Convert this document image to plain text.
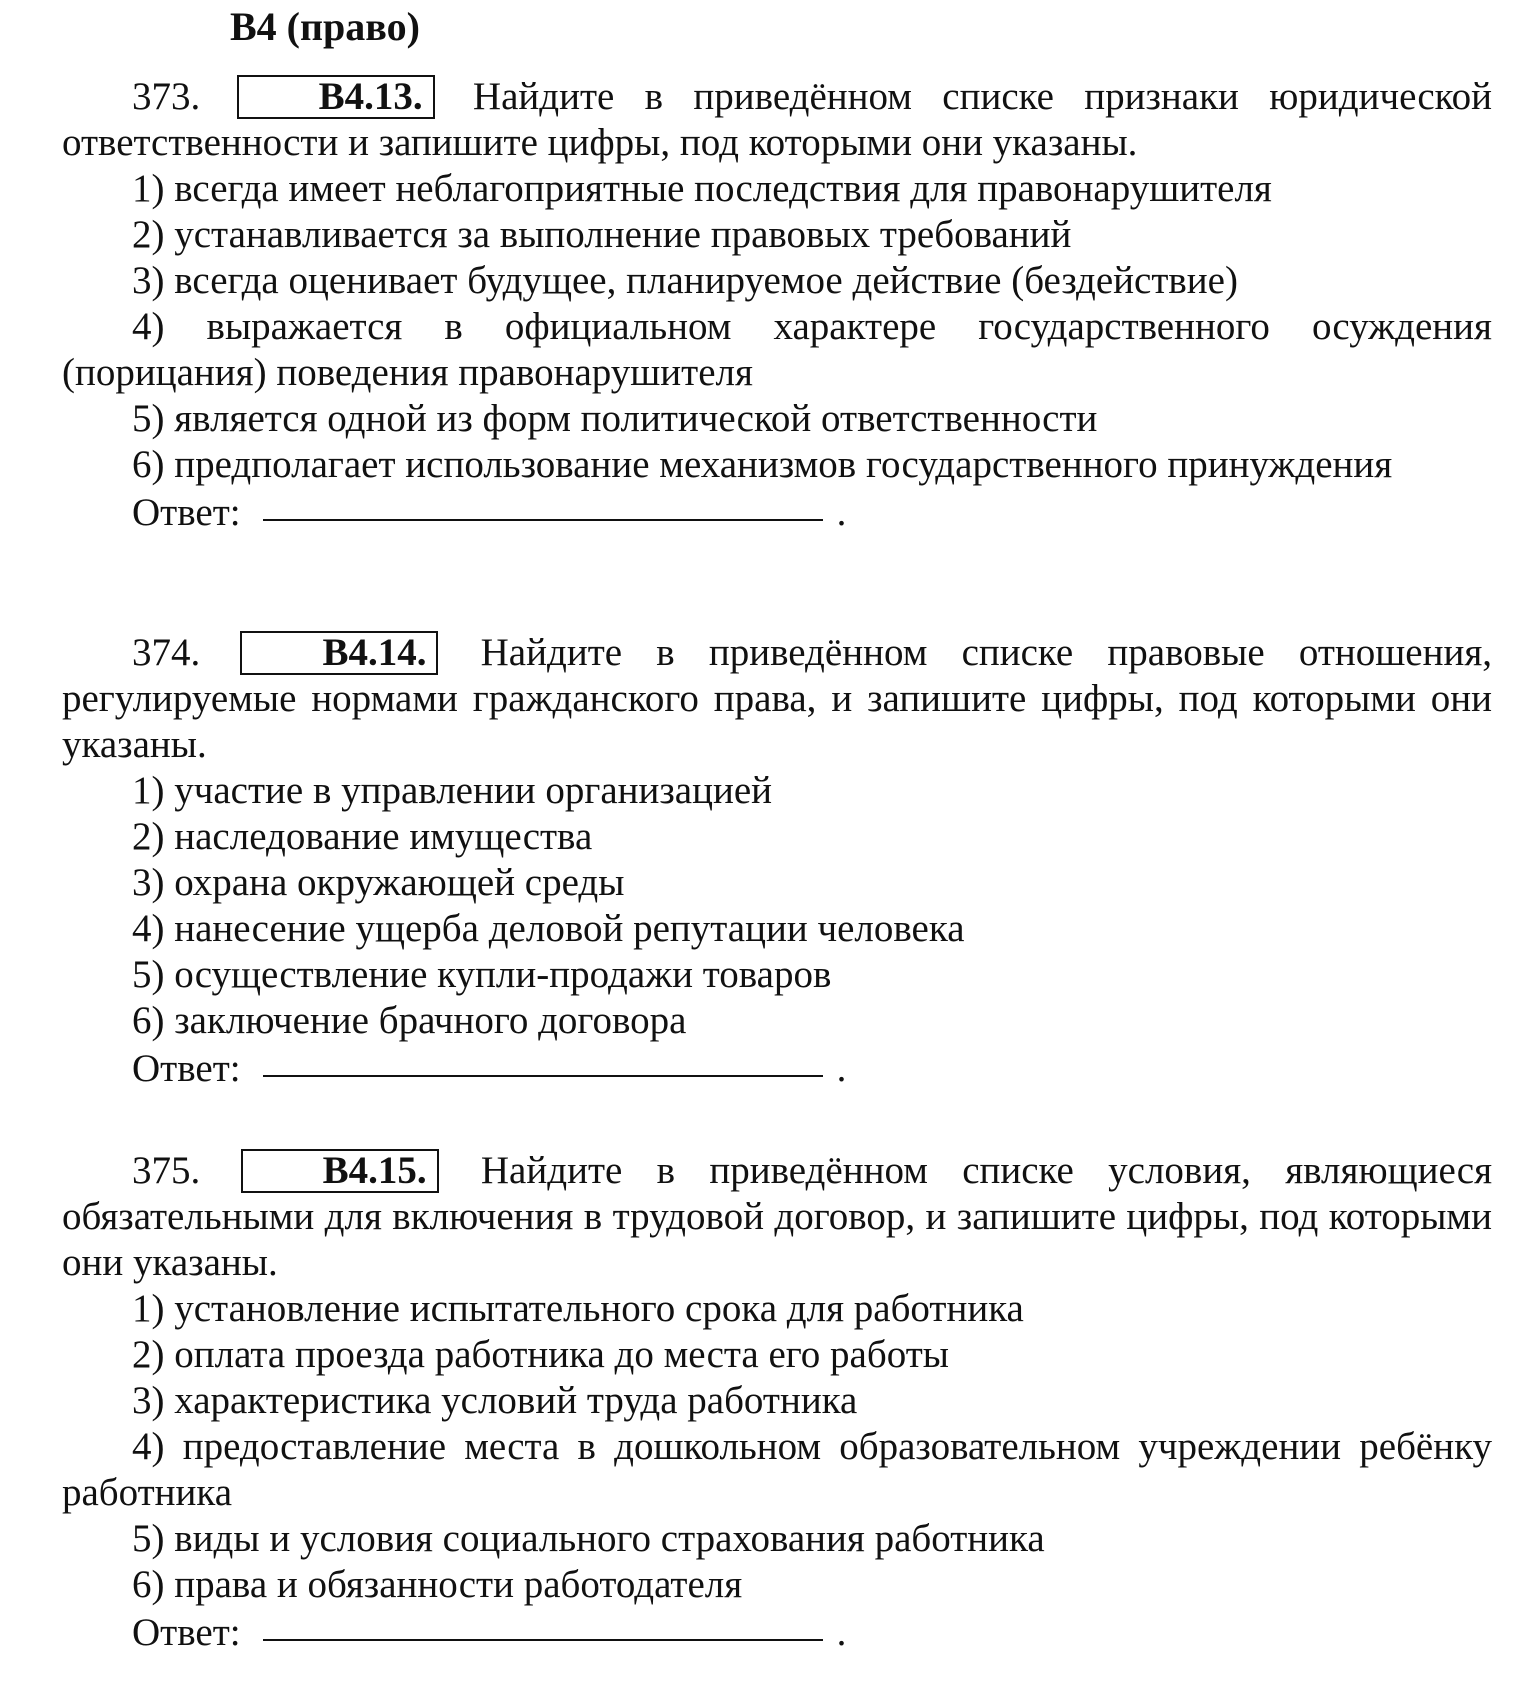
B4 (право)

373.	B4.13. Найдите в приведённом списке признаки юридической ответственности и запишите цифры, под которыми они указаны.

1) всегда имеет неблагоприятные последствия для правонарушителя
2) устанавливается за выполнение правовых требований
3) всегда оценивает будущее, планируемое действие (бездействие)
4) выражается в официальном характере государственного осуждения (порицания) поведения правонарушителя
5) является одной из форм политической ответственности
6) предполагает использование механизмов государственного принуждения
Ответ:	.

374.	B4.14. Найдите в приведённом списке правовые отношения, регулируемые нормами гражданского права, и запишите цифры, под которыми они указаны.

1) участие в управлении организацией
2) наследование имущества
3) охрана окружающей среды
4) нанесение ущерба деловой репутации человека
5) осуществление купли-продажи товаров
6) заключение брачного договора
Ответ:	.

375.	B4.15. Найдите в приведённом списке условия, являющиеся обязательными для включения в трудовой договор, и запишите цифры, под которыми они указаны.

1) установление испытательного срока для работника
2) оплата проезда работника до места его работы
3) характеристика условий труда работника
4) предоставление места в дошкольном образовательном учреждении ребёнку работника
5) виды и условия социального страхования работника
6) права и обязанности работодателя
Ответ:	.
